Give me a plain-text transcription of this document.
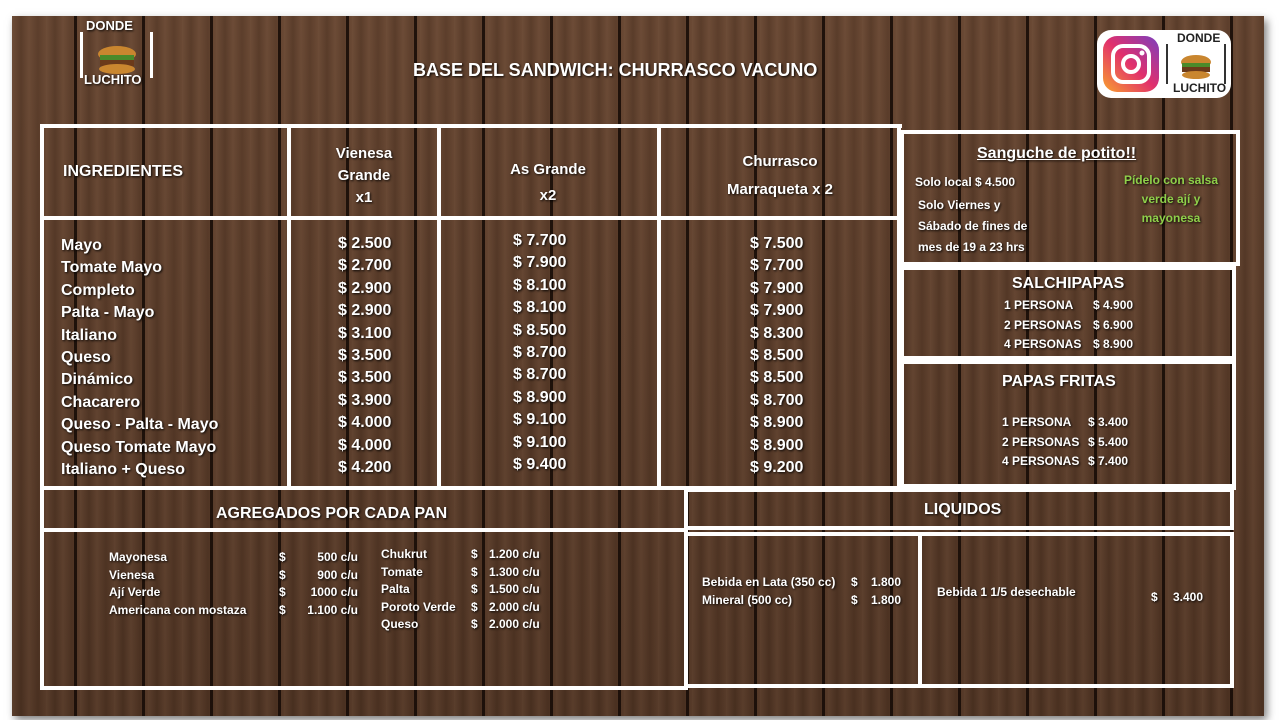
BASE DEL SANDWICH: CHURRASCO VACUNO
DONDE
LUCHITO
DONDE
LUCHITO
INGREDIENTES
Vienesa
Grande
x1
As Grande
x2
Churrasco
Marraqueta x 2
Mayo
Tomate Mayo
Completo
Palta - Mayo
Italiano
Queso
Dinámico
Chacarero
Queso - Palta - Mayo
Queso Tomate Mayo
Italiano + Queso
$ 2.500
$ 2.700
$ 2.900
$ 2.900
$ 3.100
$ 3.500
$ 3.500
$ 3.900
$ 4.000
$ 4.000
$ 4.200
$ 7.700
$ 7.900
$ 8.100
$ 8.100
$ 8.500
$ 8.700
$ 8.700
$ 8.900
$ 9.100
$ 9.100
$ 9.400
$ 7.500
$ 7.700
$ 7.900
$ 7.900
$ 8.300
$ 8.500
$ 8.500
$ 8.700
$ 8.900
$ 8.900
$ 9.200
Sanguche de potito!!
Solo local $ 4.500
Solo Viernes y
Sábado de fines de
mes de 19 a 23 hrs
Pídelo con salsa
verde ají y
mayonesa
SALCHIPAPAS
1 PERSONA
2 PERSONAS
4 PERSONAS
$ 4.900
$ 6.900
$ 8.900
PAPAS FRITAS
1 PERSONA
2 PERSONAS
4 PERSONAS
$ 3.400
$ 5.400
$ 7.400
AGREGADOS POR CADA PAN
Mayonesa
Vienesa
Ají Verde
Americana con mostaza
$
$
$
$
500 c/u
900 c/u
1000 c/u
1.100 c/u
Chukrut
Tomate
Palta
Poroto Verde
Queso
$
$
$
$
$
1.200 c/u
1.300 c/u
1.500 c/u
2.000 c/u
2.000 c/u
LIQUIDOS
Bebida en Lata (350 cc)
Mineral (500 cc)
$
$
1.800
1.800
Bebida 1 1/5 desechable	$ 3.400
